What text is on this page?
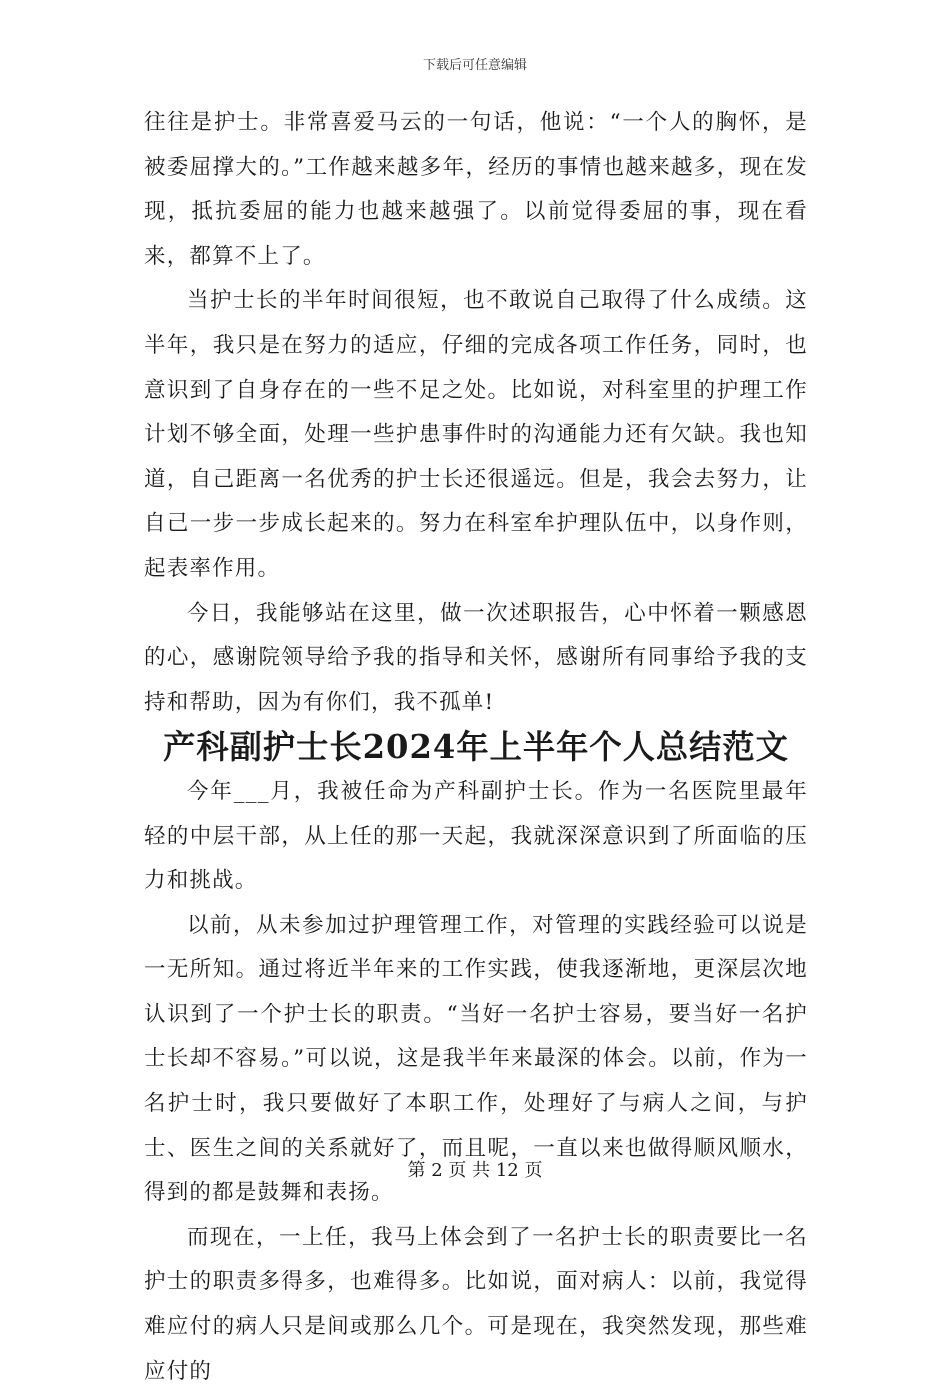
下载后可任意编辑

往往是护士。非常喜爱马云的一句话，他说：“一个人的胸怀，是被委屈撑大的。”工作越来越多年，经历的事情也越来越多，现在发现，抵抗委屈的能力也越来越强了。以前觉得委屈的事，现在看来，都算不上了。

当护士长的半年时间很短，也不敢说自己取得了什么成绩。这半年，我只是在努力的适应，仔细的完成各项工作任务，同时，也意识到了自身存在的一些不足之处。比如说，对科室里的护理工作计划不够全面，处理一些护患事件时的沟通能力还有欠缺。我也知道，自己距离一名优秀的护士长还很遥远。但是，我会去努力，让自己一步一步成长起来的。努力在科室牟护理队伍中，以身作则，起表率作用。

今日，我能够站在这里，做一次述职报告，心中怀着一颗感恩的心，感谢院领导给予我的指导和关怀，感谢所有同事给予我的支持和帮助，因为有你们，我不孤单!

产科副护士长2024年上半年个人总结范文

今年___月，我被任命为产科副护士长。作为一名医院里最年轻的中层干部，从上任的那一天起，我就深深意识到了所面临的压力和挑战。

以前，从未参加过护理管理工作，对管理的实践经验可以说是一无所知。通过将近半年来的工作实践，使我逐渐地，更深层次地认识到了一个护士长的职责。“当好一名护士容易，要当好一名护士长却不容易。”可以说，这是我半年来最深的体会。以前，作为一名护士时，我只要做好了本职工作，处理好了与病人之间，与护士、医生之间的关系就好了，而且呢，一直以来也做得顺风顺水，得到的都是鼓舞和表扬。

而现在，一上任，我马上体会到了一名护士长的职责要比一名护士的职责多得多，也难得多。比如说，面对病人：以前，我觉得难应付的病人只是间或那么几个。可是现在，我突然发现，那些难应付的

第 2 页 共 12 页
